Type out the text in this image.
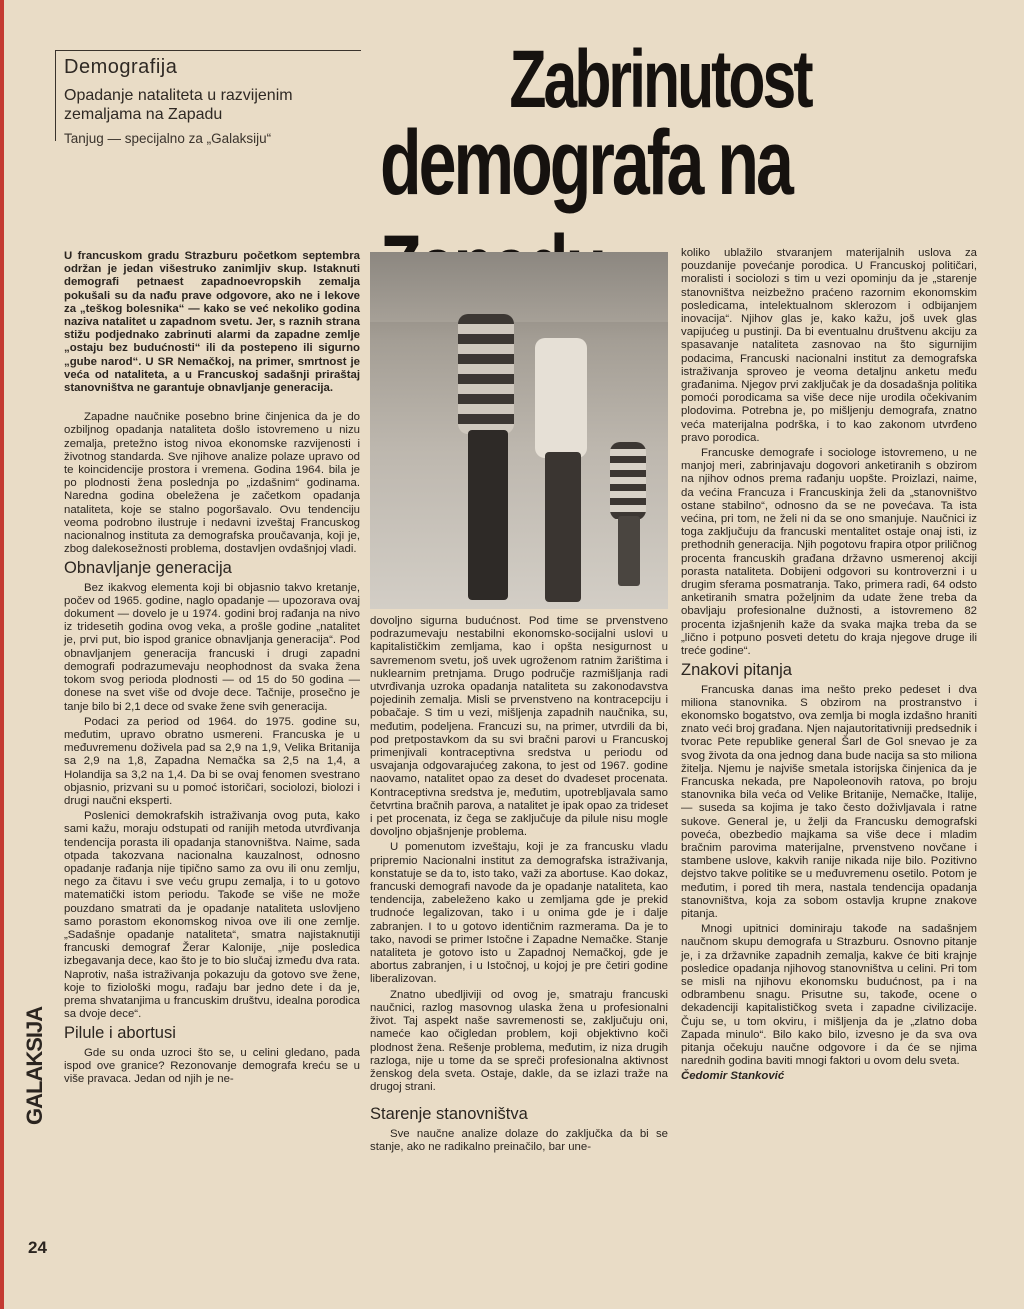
Demografija
Opadanje nataliteta u razvijenim zemaljama na Zapadu
Tanjug — specijalno za „Galaksiju“
Zabrinutost
demografa na

U francuskom gradu Strazburu početkom septembra održan je jedan višestruko zanimljiv skup. Istaknuti demografi petnaest zapadnoevropskih zemalja pokušali su da nađu prave odgovore, ako ne i lekove za „teškog bolesnika“ — kako se već nekoliko godina naziva natalitet u zapadnom svetu. Jer, s raznih strana stižu podjednako zabrinuti alarmi da zapadne zemlje „ostaju bez budućnosti“ ili da postepeno ili sigurno „gube narod“. U SR Nemačkoj, na primer, smrtnost je veća od nataliteta, a u Francuskoj sadašnji priraštaj stanovništva ne garantuje obnavljanje generacija.

Zapadne naučnike posebno brine činjenica da je do ozbiljnog opadanja nataliteta došlo istovremeno u nizu zemalja, pretežno istog nivoa ekonomske razvijenosti i životnog standarda. Sve njihove analize polaze upravo od te koincidencije prostora i vremena. Godina 1964. bila je po plodnosti žena poslednja po „izdašnim“ godinama. Naredna godina obeležena je začetkom opadanja nataliteta, koje se stalno pogoršavalo. Ovu tendenciju veoma podrobno ilustruje i nedavni izveštaj Francuskog nacionalnog instituta za demografska proučavanja, koji je, zbog dalekosežnosti problema, dostavljen ovdašnjoj vladi.

Obnavljanje generacija

Bez ikakvog elementa koji bi objasnio takvo kretanje, počev od 1965. godine, naglo opadanje — upozorava ovaj dokument — dovelo je u 1974. godini broj rađanja na nivo iz tridesetih godina ovog veka, a prošle godine „natalitet je, prvi put, bio ispod granice obnavljanja generacija“. Pod obnavljanjem generacija francuski i drugi zapadni demografi podrazumevaju neophodnost da svaka žena tokom svog perioda plodnosti — od 15 do 50 godina — donese na svet više od dvoje dece. Tačnije, prosečno je tanje bilo bi 2,1 dece od svake žene svih generacija.

Podaci za period od 1964. do 1975. godine su, međutim, upravo obratno usmereni. Francuska je u međuvremenu doživela pad sa 2,9 na 1,9, Velika Britanija sa 2,9 na 1,8, Zapadna Nemačka sa 2,5 na 1,4, a Holandija sa 3,2 na 1,4. Da bi se ovaj fenomen svestrano objasnio, prizvani su u pomoć istoričari, sociolozi, biolozi i drugi naučni eksperti.

Poslenici demokrafskih istraživanja ovog puta, kako sami kažu, moraju odstupati od ranijih metoda utvrđivanja tendencija porasta ili opadanja stanovništva. Naime, sada otpada takozvana nacionalna kauzalnost, odnosno opadanje rađanja nije tipično samo za ovu ili onu zemlju, nego za čitavu i sve veću grupu zemalja, i to u gotovo matematički istom periodu. Takođe se više ne može pouzdano smatrati da je opadanje nataliteta uslovljeno samo porastom ekonomskog nivoa ove ili one zemlje. „Sadašnje opadanje nataliteta“, smatra najistaknutiji francuski demograf Žerar Kalonije, „nije posledica izbegavanja dece, kao što je to bio slučaj između dva rata. Naprotiv, naša istraživanja pokazuju da gotovo sve žene, koje to fiziološki mogu, rađaju bar jedno dete i da je, prema shvatanjima u francuskim društvu, idealna porodica sa dvoje dece“.

Pilule i abortusi

Gde su onda uzroci što se, u celini gledano, pada ispod ove granice? Rezonovanje demografa kreću se u više pravaca. Jedan od njih je ne-

dovoljno sigurna budućnost. Pod time se prvenstveno podrazumevaju nestabilni ekonomsko-socijalni uslovi u kapitalističkim zemljama, kao i opšta nesigurnost u savremenom svetu, još uvek ugroženom ratnim žarištima i nuklearnim pretnjama. Drugo područje razmišljanja radi utvrđivanja uzroka opadanja nataliteta su zakonodavstva pojedinih zemalja. Misli se prvenstveno na kontracepciju i pobačaje. S tim u vezi, mišljenja zapadnih naučnika, su, međutim, podeljena. Francuzi su, na primer, utvrdili da bi, pod pretpostavkom da su svi bračni parovi u Francuskoj primenjivali kontraceptivna sredstva u periodu od usvajanja odgovarajućeg zakona, to jest od 1967. godine naovamo, natalitet opao za deset do dvadeset procenata. Kontraceptivna sredstva je, međutim, upotrebljavala samo četvrtina bračnih parova, a natalitet je ipak opao za trideset i pet procenata, iz čega se zaključuje da pilule nisu mogle dovoljno objašnjenje problema.

U pomenutom izveštaju, koji je za francusku vladu pripremio Nacionalni institut za demografska istraživanja, konstatuje se da to, isto tako, važi za abortuse. Kao dokaz, francuski demografi navode da je opadanje nataliteta, kao tendencija, zabeleženo kako u zemljama gde je prekid trudnoće legalizovan, tako i u onima gde je i dalje zabranjen. I to u gotovo identičnim razmerama. Da je to tako, navodi se primer Istočne i Zapadne Nemačke. Stanje nataliteta je gotovo isto u Zapadnoj Nemačkoj, gde je abortus zabranjen, i u Istočnoj, u kojoj je pre četiri godine liberalizovan.

Znatno ubedljiviji od ovog je, smatraju francuski naučnici, razlog masovnog ulaska žena u profesionalni život. Taj aspekt naše savremenosti se, zaključuju oni, nameće kao očigledan problem, koji objektivno koči plodnost žena. Rešenje problema, međutim, iz niza drugih razloga, nije u tome da se spreči profesionalna aktivnost ženskog dela sveta. Ostaje, dakle, da se izlazi traže na drugoj strani.

Starenje stanovništva

Sve naučne analize dolaze do zaključka da bi se stanje, ako ne radikalno preinačilo, bar une-

koliko ublažilo stvaranjem materijalnih uslova za pouzdanije povećanje porodica. U Francuskoj političari, moralisti i sociolozi s tim u vezi opominju da je „starenje stanovništva neizbežno praćeno razornim ekonomskim posledicama, intelektualnom sklerozom i odbijanjem inovacija“. Njihov glas je, kako kažu, još uvek glas vapijućeg u pustinji. Da bi eventualnu društvenu akciju za spasavanje nataliteta zasnovao na što sigurnijim podacima, Francuski nacionalni institut za demografska istraživanja sproveo je veoma detaljnu anketu među građanima. Njegov prvi zaključak je da dosadašnja politika pomoći porodicama sa više dece nije urodila očekivanim plodovima. Potrebna je, po mišljenju demografa, znatno veća materijalna podrška, i to kao zakonom utvrđeno pravo porodica.

Francuske demografe i sociologe istovremeno, u ne manjoj meri, zabrinjavaju dogovori anketiranih s obzirom na njihov odnos prema rađanju uopšte. Proizlazi, naime, da većina Francuza i Francuskinja želi da „stanovništvo ostane stabilno“, odnosno da se ne povećava. Ta ista većina, pri tom, ne želi ni da se ono smanjuje. Naučnici iz toga zaključuju da francuski mentalitet ostaje onaj isti, iz prethodnih generacija. Njih pogotovu frapira otpor priličnog procenta francuskih građana državno usmerenoj akciji porasta nataliteta. Dobijeni odgovori su kontroverzni i u drugim sferama posmatranja. Tako, primera radi, 64 odsto anketiranih smatra poželjnim da udate žene treba da obavljaju profesionalne dužnosti, a istovremeno 82 procenta izjašnjenih kaže da svaka majka treba da se „lično i potpuno posveti detetu do kraja njegove druge ili treće godine“.

Znakovi pitanja

Francuska danas ima nešto preko pedeset i dva miliona stanovnika. S obzirom na prostranstvo i ekonomsko bogatstvo, ova zemlja bi mogla izdašno hraniti znato veći broj građana. Njen najautoritativniji predsednik i tvorac Pete republike general Šarl de Gol snevao je za svog života da ona jednog dana bude nacija sa sto miliona žitelja. Njemu je najviše smetala istorijska činjenica da je Francuska nekada, pre Napoleonovih ratova, po broju stanovnika bila veća od Velike Britanije, Nemačke, Italije, — suseda sa kojima je tako često doživljavala i ratne sukove. General je, u želji da Francusku demografski poveća, obezbedio majkama sa više dece i mladim bračnim parovima materijalne, prvenstveno novčane i stambene uslove, kakvih ranije nikada nije bilo. Pozitivno dejstvo takve politike se u međuvremenu osetilo. Potom je međutim, i pored tih mera, nastala tendencija opadanja stanovništva, koja za sobom ostavlja krupne znakove pitanja.

Mnogi upitnici dominiraju takođe na sadašnjem naučnom skupu demografa u Strazburu. Osnovno pitanje je, i za državnike zapadnih zemalja, kakve će biti krajnje posledice opadanja njihovog stanovništva u celini. Pri tom se misli na njihovu ekonomsku budućnost, pa i na odbrambenu snagu. Prisutne su, takođe, ocene o dekadenciji kapitalističkog sveta i zapadne civilizacije. Čuju se, u tom okviru, i mišljenja da je „zlatno doba Zapada minulo“. Bilo kako bilo, izvesno je da sva ova pitanja očekuju naučne odgovore i da će se njima narednih godina baviti mnogi faktori u ovom delu sveta.

Čedomir Stanković

GALAKSIJA
24
